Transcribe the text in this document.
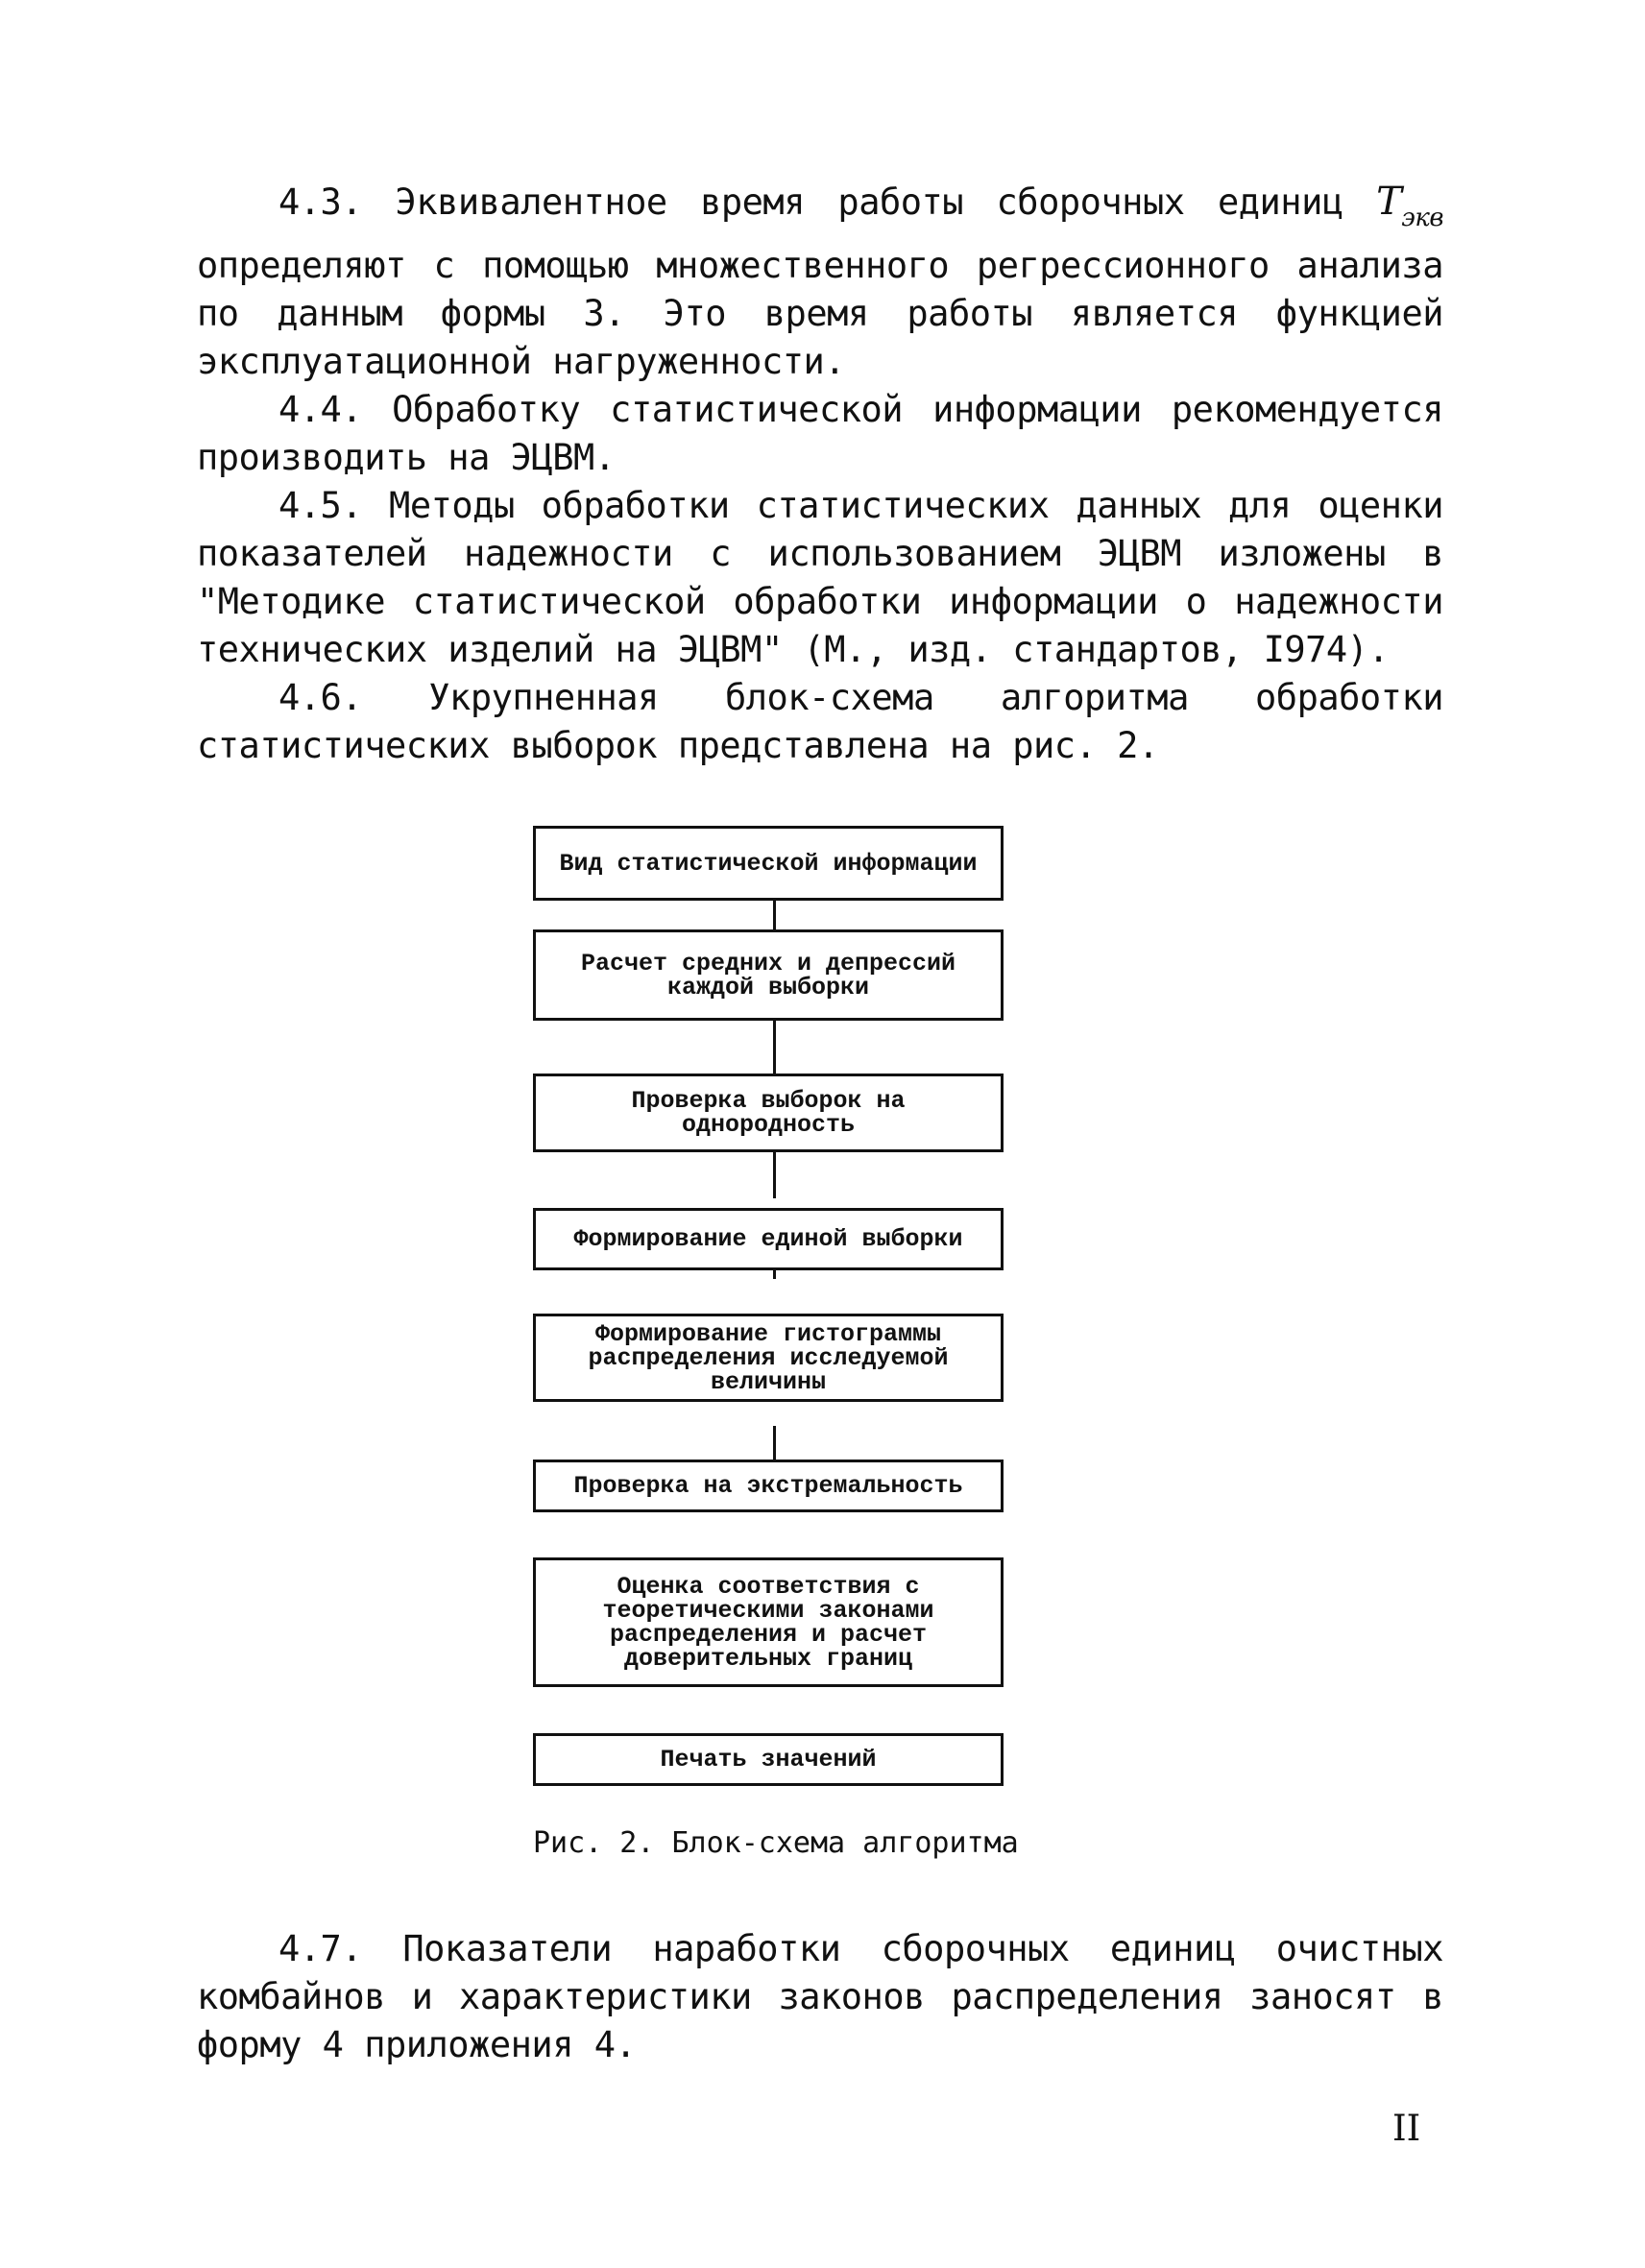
4.3. Эквивалентное время работы сборочных единиц $T_{экв}$ определяют с помощью множественного регрессионного анализа по данным формы 3. Это время работы является функцией эксплуатационной нагруженности.

4.4. Обработку статистической информации рекомендуется производить на ЭЦВМ.

4.5. Методы обработки статистических данных для оценки показателей надежности с использованием ЭЦВМ изложены в "Методике статистической обработки информации о надежности технических изделий на ЭЦВМ" (М., изд. стандартов, I974).

4.6. Укрупненная блок-схема алгоритма обработки статистических выборок представлена на рис. 2.

Вид статистической информации
Расчет средних и депрессий каждой выборки
Проверка выборок на однородность
Формирование единой выборки
Формирование гистограммы распределения исследуемой величины
Проверка на экстремальность
Оценка соответствия с теоретическими законами распределения и расчет доверительных границ
Печать значений
Рис. 2. Блок-схема алгоритма

4.7. Показатели наработки сборочных единиц очистных комбайнов и характеристики законов распределения заносят в форму 4 приложения 4.

II
